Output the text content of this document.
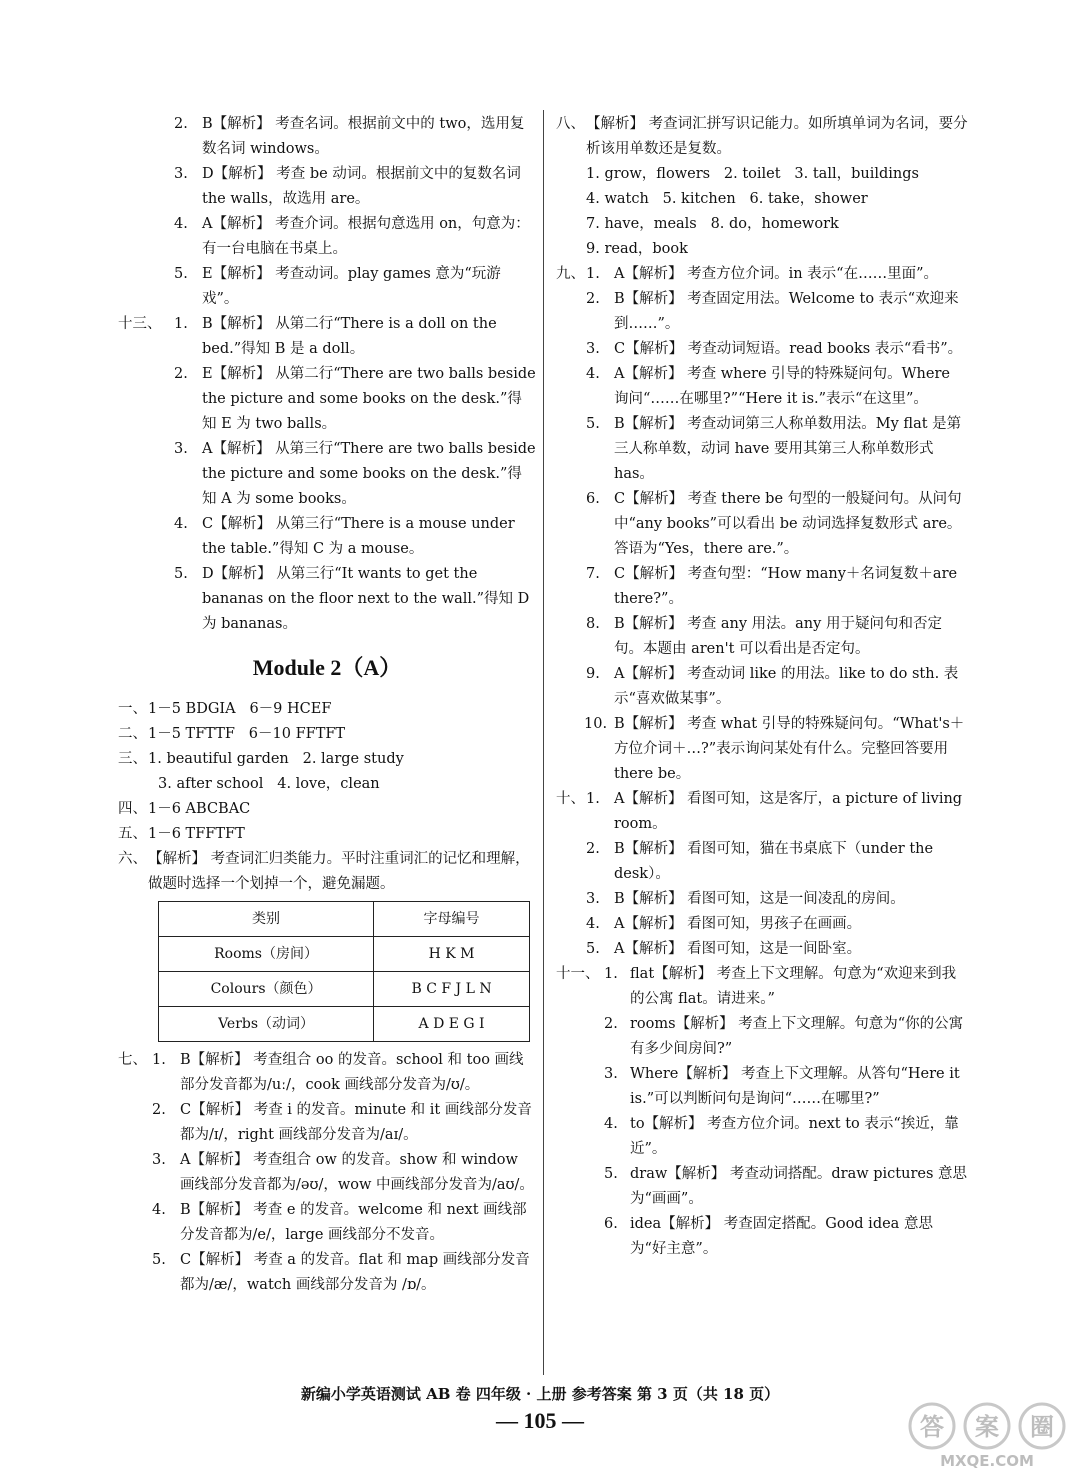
2. B【解析】 考查名词。根据前文中的 two，选用复数名词 windows。
3. D【解析】 考查 be 动词。根据前文中的复数名词 the walls，故选用 are。
4. A【解析】 考查介词。根据句意选用 on，句意为：有一台电脑在书桌上。
5. E【解析】 考查动词。play games 意为“玩游戏”。
十三、 1. B【解析】 从第二行“There is a doll on the bed.”得知 B 是 a doll。
2. E【解析】 从第二行“There are two balls beside the picture and some books on the desk.”得知 E 为 two balls。
3. A【解析】 从第三行“There are two balls beside the picture and some books on the desk.”得知 A 为 some books。
4. C【解析】 从第三行“There is a mouse under the table.”得知 C 为 a mouse。
5. D【解析】 从第三行“It wants to get the bananas on the floor next to the wall.”得知 D 为 bananas。
Module 2（A）
一、 1－5 BDGIA   6－9 HCEF
二、 1－5 TFTTF   6－10 FFTFT
三、 1. beautiful garden   2. large study
3. after school   4. love，clean
四、 1－6 ABCBAC
五、 1－6 TFFTFT
六、 【解析】 考查词汇归类能力。平时注重词汇的记忆和理解，做题时选择一个划掉一个，避免漏题。
类别	字母编号
Rooms（房间）	H K M
Colours（颜色）	B C F J L N
Verbs（动词）	A D E G I
七、 1. B【解析】 考查组合 oo 的发音。school 和 too 画线部分发音都为/uː/，cook 画线部分发音为/ʊ/。
2. C【解析】 考查 i 的发音。minute 和 it 画线部分发音都为/ɪ/，right 画线部分发音为/aɪ/。
3. A【解析】 考查组合 ow 的发音。show 和 window 画线部分发音都为/əʊ/，wow 中画线部分发音为/aʊ/。
4. B【解析】 考查 e 的发音。welcome 和 next 画线部分发音都为/e/，large 画线部分不发音。
5. C【解析】 考查 a 的发音。flat 和 map 画线部分发音都为/æ/，watch 画线部分发音为 /ɒ/。
八、 【解析】 考查词汇拼写识记能力。如所填单词为名词，要分析该用单数还是复数。
1. grow，flowers   2. toilet   3. tall，buildings
4. watch   5. kitchen   6. take，shower
7. have，meals   8. do，homework
9. read，book
九、 1. A【解析】 考查方位介词。in 表示“在……里面”。
2. B【解析】 考查固定用法。Welcome to 表示“欢迎来到……”。
3. C【解析】 考查动词短语。read books 表示“看书”。
4. A【解析】 考查 where 引导的特殊疑问句。Where 询问“……在哪里?”“Here it is.”表示“在这里”。
5. B【解析】 考查动词第三人称单数用法。My flat 是第三人称单数，动词 have 要用其第三人称单数形式 has。
6. C【解析】 考查 there be 句型的一般疑问句。从问句中“any books”可以看出 be 动词选择复数形式 are。答语为“Yes，there are.”。
7. C【解析】 考查句型：“How many＋名词复数＋are there?”。
8. B【解析】 考查 any 用法。any 用于疑问句和否定句。本题由 aren't 可以看出是否定句。
9. A【解析】 考查动词 like 的用法。like to do sth. 表示“喜欢做某事”。
10. B【解析】 考查 what 引导的特殊疑问句。“What's＋方位介词＋…?”表示询问某处有什么。完整回答要用 there be。
十、 1. A【解析】 看图可知，这是客厅，a picture of living room。
2. B【解析】 看图可知，猫在书桌底下（under the desk）。
3. B【解析】 看图可知，这是一间凌乱的房间。
4. A【解析】 看图可知，男孩子在画画。
5. A【解析】 看图可知，这是一间卧室。
十一、 1. flat【解析】 考查上下文理解。句意为“欢迎来到我的公寓 flat。请进来。”
2. rooms【解析】 考查上下文理解。句意为“你的公寓有多少间房间?”
3. Where【解析】 考查上下文理解。从答句“Here it is.”可以判断问句是询问“……在哪里?”
4. to【解析】 考查方位介词。next to 表示“挨近，靠近”。
5. draw【解析】 考查动词搭配。draw pictures 意思为“画画”。
6. idea【解析】 考查固定搭配。Good idea 意思为“好主意”。
新编小学英语测试 AB 卷 四年级 · 上册 参考答案 第 3 页（共 18 页）
— 105 —	答 案 圈
MXQE.COM
